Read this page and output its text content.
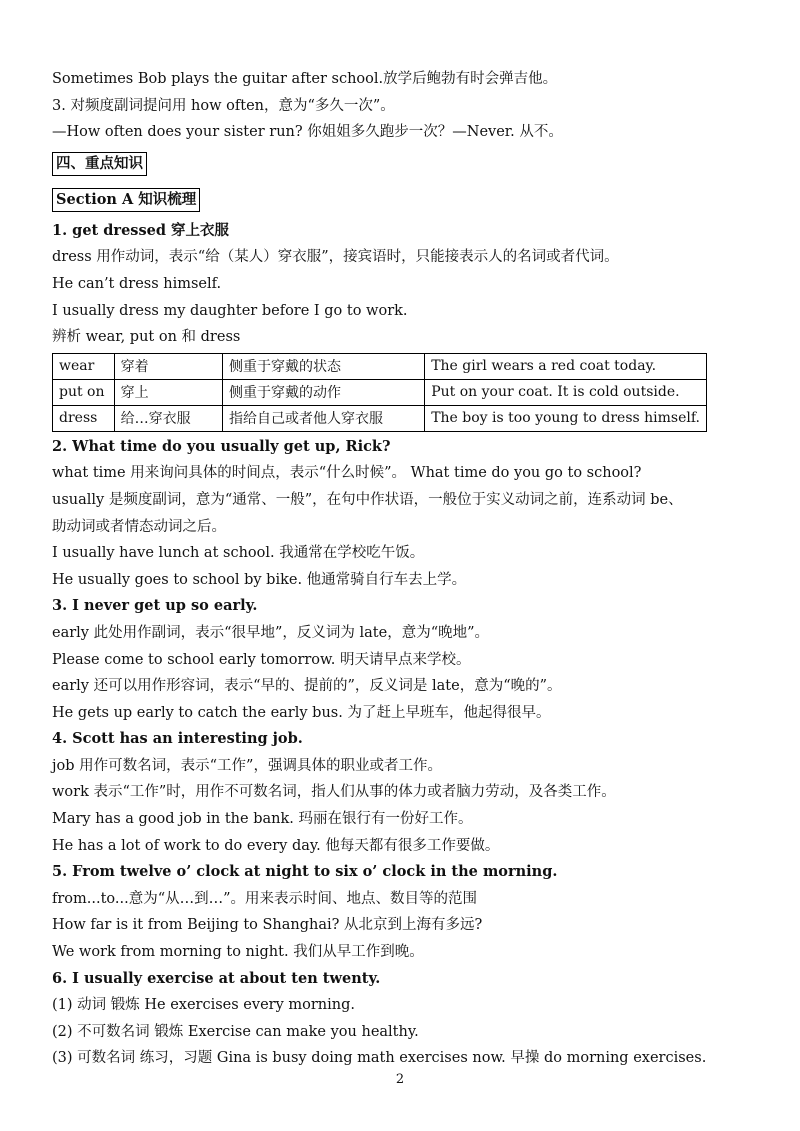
Sometimes Bob plays the guitar after school.放学后鲍勃有时会弹吉他。

3. 对频度副词提问用 how often，意为“多久一次”。

—How often does your sister run? 你姐姐多久跑步一次？—Never. 从不。

四、重点知识

Section A 知识梳理

1. get dressed 穿上衣服

dress 用作动词，表示“给（某人）穿衣服”，接宾语时，只能接表示人的名词或者代词。

He can’t dress himself.

I usually dress my daughter before I go to work.

辨析 wear, put on 和 dress

wear	穿着	侧重于穿戴的状态	The girl wears a red coat today.
put on	穿上	侧重于穿戴的动作	Put on your coat. It is cold outside.
dress	给…穿衣服	指给自己或者他人穿衣服	The boy is too young to dress himself.

2. What time do you usually get up, Rick?

what time 用来询问具体的时间点，表示“什么时候”。 What time do you go to school?

usually 是频度副词，意为“通常、一般”，在句中作状语，一般位于实义动词之前，连系动词 be、

助动词或者情态动词之后。

I usually have lunch at school. 我通常在学校吃午饭。

He usually goes to school by bike. 他通常骑自行车去上学。

3. I never get up so early.

early 此处用作副词，表示“很早地”，反义词为 late，意为“晚地”。

Please come to school early tomorrow. 明天请早点来学校。

early 还可以用作形容词，表示“早的、提前的”，反义词是 late，意为“晚的”。

He gets up early to catch the early bus. 为了赶上早班车，他起得很早。

4. Scott has an interesting job.

job 用作可数名词，表示“工作”，强调具体的职业或者工作。

work 表示“工作”时，用作不可数名词，指人们从事的体力或者脑力劳动，及各类工作。

Mary has a good job in the bank. 玛丽在银行有一份好工作。

He has a lot of work to do every day. 他每天都有很多工作要做。

5. From twelve o’ clock at night to six o’ clock in the morning.

from...to...意为“从…到…”。用来表示时间、地点、数目等的范围

How far is it from Beijing to Shanghai? 从北京到上海有多远?

We work from morning to night. 我们从早工作到晚。

6. I usually exercise at about ten twenty.

(1) 动词 锻炼 He exercises every morning.

(2) 不可数名词 锻炼 Exercise can make you healthy.

(3) 可数名词 练习，习题 Gina is busy doing math exercises now. 早操 do morning exercises.

2
